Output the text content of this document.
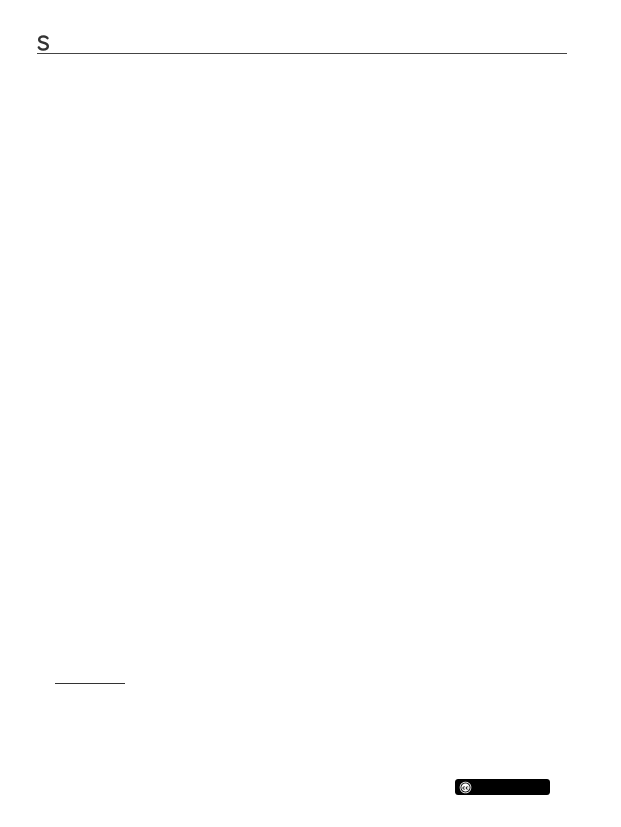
cc
